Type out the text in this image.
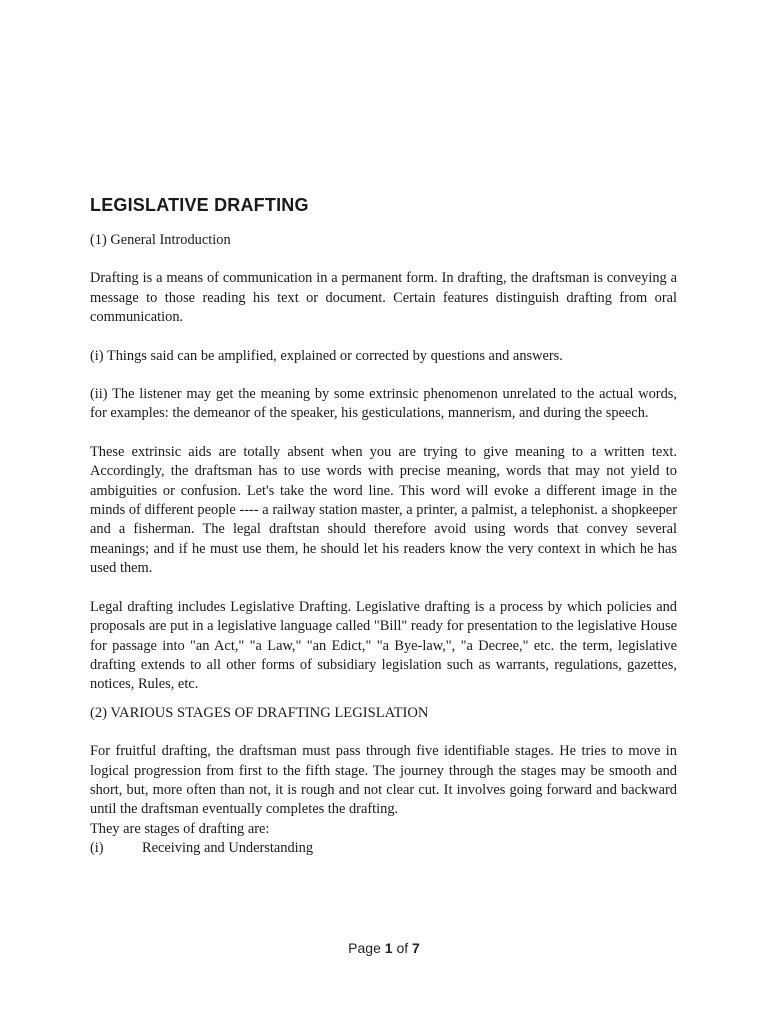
LEGISLATIVE DRAFTING
(1) General Introduction
Drafting is a means of communication in a permanent form. In drafting, the draftsman is conveying a message to those reading his text or document. Certain features distinguish drafting from oral communication.
(i) Things said can be amplified, explained or corrected by questions and answers.
(ii) The listener may get the meaning by some extrinsic phenomenon unrelated to the actual words, for examples: the demeanor of the speaker, his gesticulations, mannerism, and during the speech.
These extrinsic aids are totally absent when you are trying to give meaning to a written text. Accordingly, the draftsman has to use words with precise meaning, words that may not yield to ambiguities or confusion. Let's take the word line. This word will evoke a different image in the minds of different people ---- a railway station master, a printer, a palmist, a telephonist. a shopkeeper and a fisherman. The legal draftstan should therefore avoid using words that convey several meanings; and if he must use them, he should let his readers know the very context in which he has used them.
Legal drafting includes Legislative Drafting. Legislative drafting is a process by which policies and proposals are put in a legislative language called "Bill" ready for presentation to the legislative House for passage into "an Act," "a Law," "an Edict," "a Bye-law,", "a Decree," etc. the term, legislative drafting extends to all other forms of subsidiary legislation such as warrants, regulations, gazettes, notices, Rules, etc.
(2) VARIOUS STAGES OF DRAFTING LEGISLATION
For fruitful drafting, the draftsman must pass through five identifiable stages. He tries to move in logical progression from first to the fifth stage. The journey through the stages may be smooth and short, but, more often than not, it is rough and not clear cut. It involves going forward and backward until the draftsman eventually completes the drafting.
They are stages of drafting are:
(i)	Receiving and Understanding
Page 1 of 7
